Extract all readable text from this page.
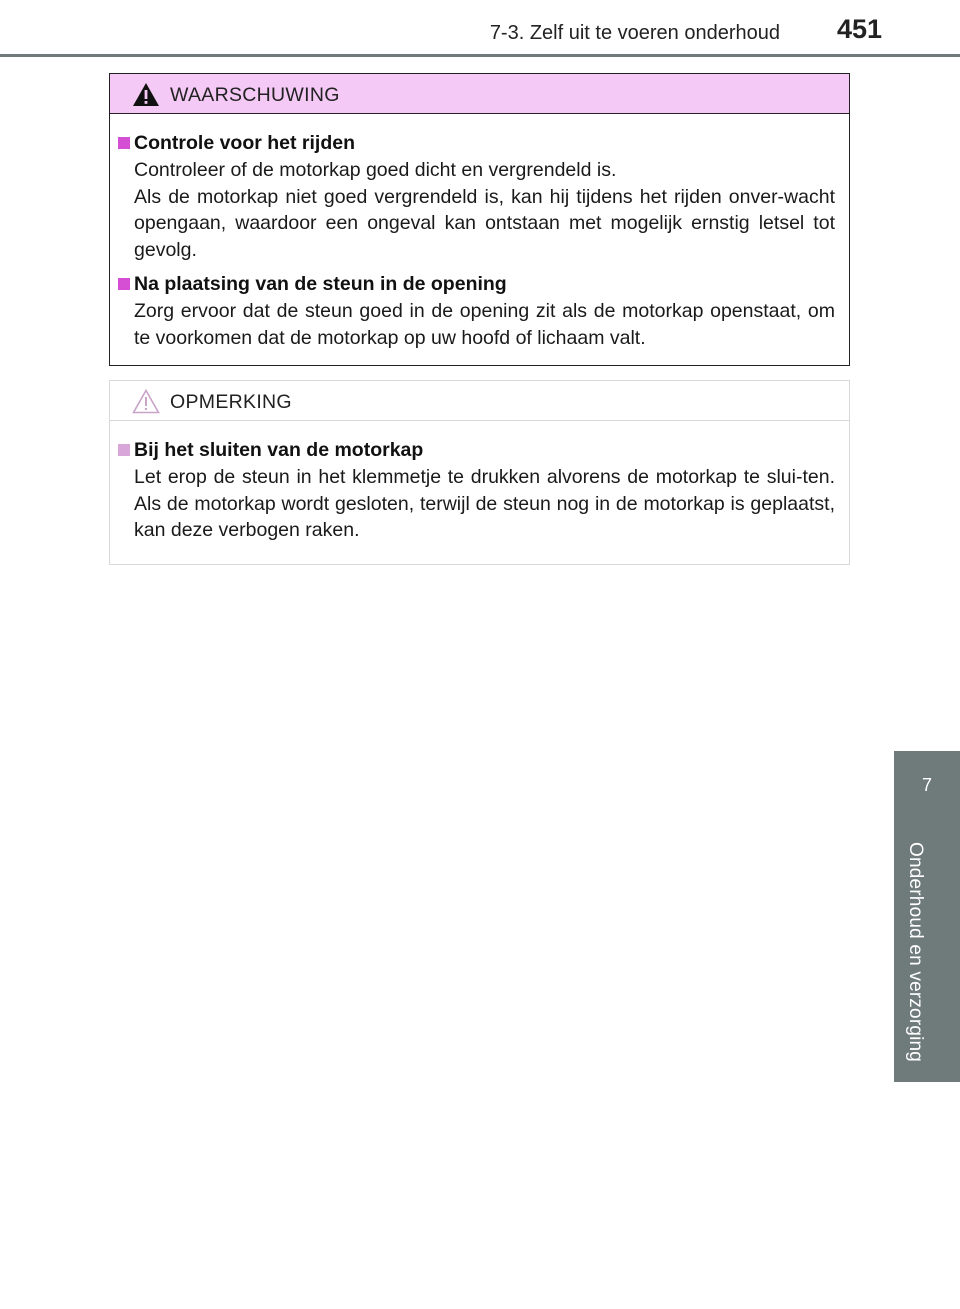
7-3. Zelf uit te voeren onderhoud 451
WAARSCHUWING
Controle voor het rijden
Controleer of de motorkap goed dicht en vergrendeld is.
Als de motorkap niet goed vergrendeld is, kan hij tijdens het rijden onver-wacht opengaan, waardoor een ongeval kan ontstaan met mogelijk ernstig letsel tot gevolg.
Na plaatsing van de steun in de opening
Zorg ervoor dat de steun goed in de opening zit als de motorkap openstaat, om te voorkomen dat de motorkap op uw hoofd of lichaam valt.
OPMERKING
Bij het sluiten van de motorkap
Let erop de steun in het klemmetje te drukken alvorens de motorkap te slui-ten. Als de motorkap wordt gesloten, terwijl de steun nog in de motorkap is geplaatst, kan deze verbogen raken.
7
Onderhoud en verzorging
